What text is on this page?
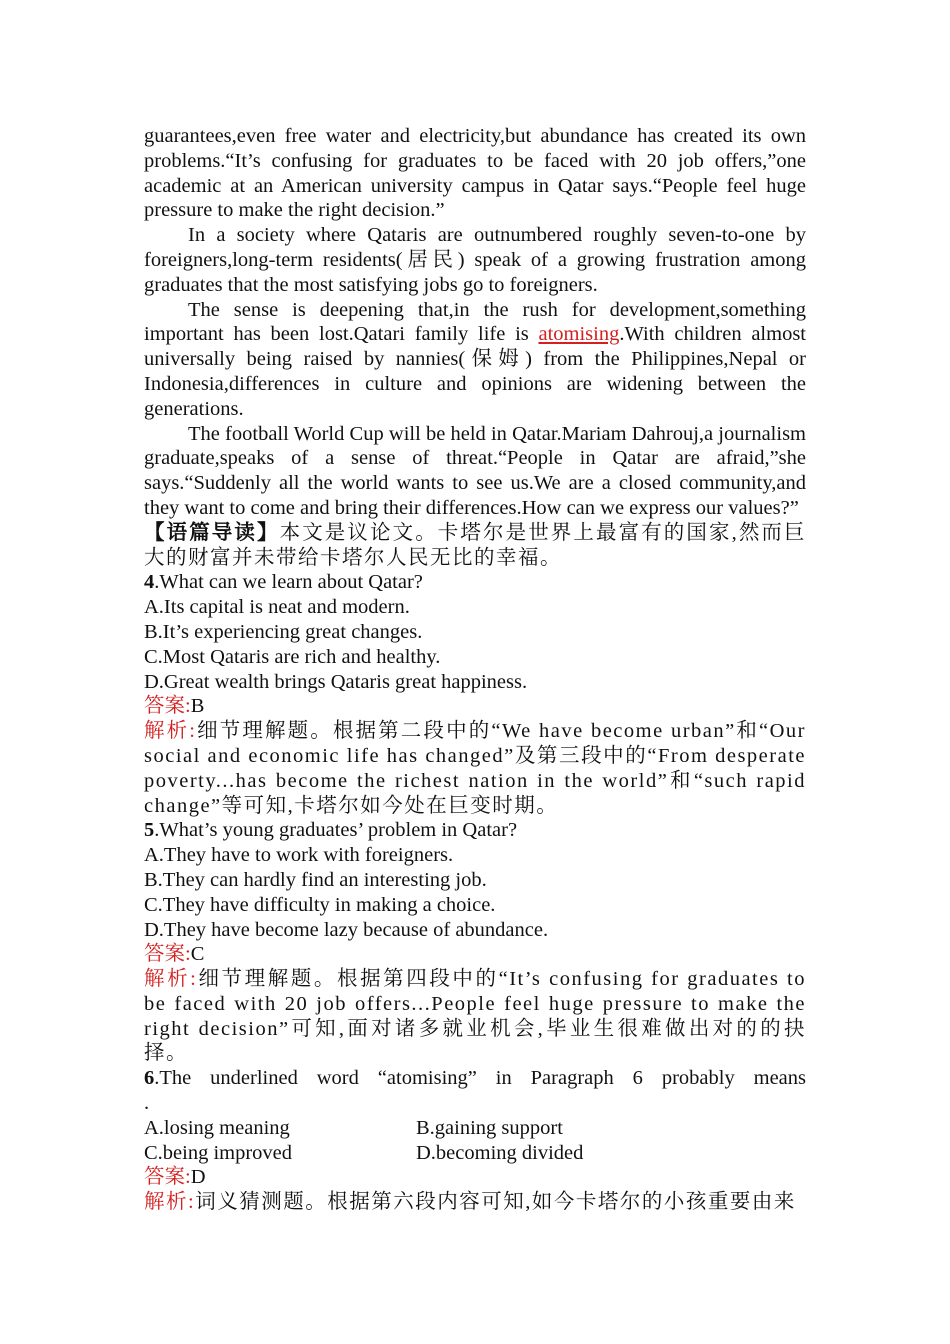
guarantees,even free water and electricity,but abundance has created its own problems.“It’s confusing for graduates to be faced with 20 job offers,”one academic at an American university campus in Qatar says.“People feel huge pressure to make the right decision.”

In a society where Qataris are outnumbered roughly seven-to-one by foreigners,long-term residents(居民) speak of a growing frustration among graduates that the most satisfying jobs go to foreigners.

The sense is deepening that,in the rush for development,something important has been lost.Qatari family life is atomising.With children almost universally being raised by nannies(保姆) from the Philippines,Nepal or Indonesia,differences in culture and opinions are widening between the generations.

The football World Cup will be held in Qatar.Mariam Dahrouj,a journalism graduate,speaks of a sense of threat.“People in Qatar are afraid,”she says.“Suddenly all the world wants to see us.We are a closed community,and they want to come and bring their differences.How can we express our values?”

【语篇导读】本文是议论文。卡塔尔是世界上最富有的国家,然而巨大的财富并未带给卡塔尔人民无比的幸福。

4.What can we learn about Qatar?

A.Its capital is neat and modern.

B.It’s experiencing great changes.

C.Most Qataris are rich and healthy.

D.Great wealth brings Qataris great happiness.

答案:B

解析:细节理解题。根据第二段中的“We have become urban”和“Our social and economic life has changed”及第三段中的“From desperate poverty...has become the richest nation in the world”和“such rapid change”等可知,卡塔尔如今处在巨变时期。

5.What’s young graduates’ problem in Qatar?

A.They have to work with foreigners.

B.They can hardly find an interesting job.

C.They have difficulty in making a choice.

D.They have become lazy because of abundance.

答案:C

解析:细节理解题。根据第四段中的“It’s confusing for graduates to be faced with 20 job offers...People feel huge pressure to make the right decision”可知,面对诸多就业机会,毕业生很难做出对的的抉择。

6.The underlined word “atomising” in Paragraph 6 probably means

.

A.losing meaning	B.gaining support

C.being improved	D.becoming divided

答案:D

解析:词义猜测题。根据第六段内容可知,如今卡塔尔的小孩重要由来
